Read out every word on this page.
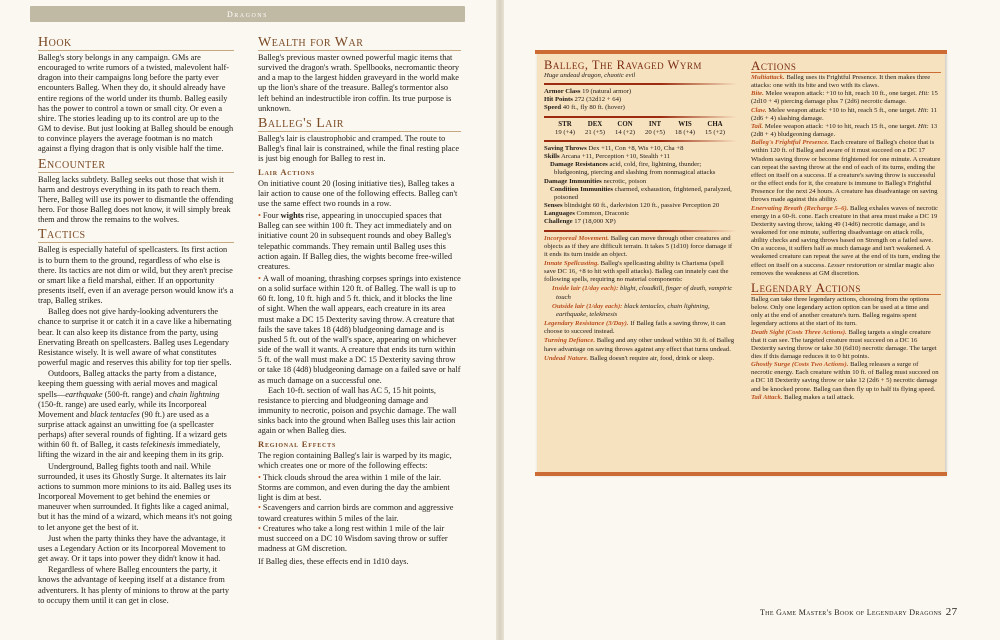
Dragons
Hook

Balleg's story belongs in any campaign. GMs are encouraged to write rumors of a twisted, malevolent half-dragon into their campaigns long before the party ever encounters Balleg. When they do, it should already have entire regions of the world under its thumb. Balleg easily has the power to control a town or small city. Or even a shire. The stories leading up to its control are up to the GM to devise. But just looking at Balleg should be enough to convince players the average footman is no match against a flying dragon that is only visible half the time.

Encounter

Balleg lacks subtlety. Balleg seeks out those that wish it harm and destroys everything in its path to reach them. There, Balleg will use its power to dismantle the offending hero. For those Balleg does not know, it will simply break them and throw the remains to the wolves.

Tactics

Balleg is especially hateful of spellcasters. Its first action is to burn them to the ground, regardless of who else is there. Its tactics are not dim or wild, but they aren't precise or smart like a field marshal, either. If an opportunity presents itself, even if an average person would know it's a trap, Balleg strikes.

Balleg does not give hardy-looking adventurers the chance to surprise it or catch it in a cave like a hibernating bear. It can also keep its distance from the party, using Enervating Breath on spellcasters. Balleg uses Legendary Resistance wisely. It is well aware of what constitutes powerful magic and reserves this ability for top tier spells.

Outdoors, Balleg attacks the party from a distance, keeping them guessing with aerial moves and magical spells—earthquake (500-ft. range) and chain lightning (150-ft. range) are used early, while its Incorporeal Movement and black tentacles (90 ft.) are used as a surprise attack against an unwitting foe (a spellcaster perhaps) after several rounds of fighting. If a wizard gets within 60 ft. of Balleg, it casts telekinesis immediately, lifting the wizard in the air and keeping them in its grip.

Underground, Balleg fights tooth and nail. While surrounded, it uses its Ghostly Surge. It alternates its lair actions to summon more minions to its aid. Balleg uses its Incorporeal Movement to get behind the enemies or maneuver when surrounded. It fights like a caged animal, but it has the mind of a wizard, which means it's not going to let anyone get the best of it.

Just when the party thinks they have the advantage, it uses a Legendary Action or its Incorporeal Movement to get away. Or it taps into power they didn't know it had.

Regardless of where Balleg encounters the party, it knows the advantage of keeping itself at a distance from adventurers. It has plenty of minions to throw at the party to occupy them until it can get in close.

Wealth for War

Balleg's previous master owned powerful magic items that survived the dragon's wrath. Spellbooks, necromantic theory and a map to the largest hidden graveyard in the world make up the lion's share of the treasure. Balleg's tormentor also left behind an indestructible iron coffin. Its true purpose is unknown.

Balleg's Lair

Balleg's lair is claustrophobic and cramped. The route to Balleg's final lair is constrained, while the final resting place is just big enough for Balleg to rest in.

Lair Actions

On initiative count 20 (losing initiative ties), Balleg takes a lair action to cause one of the following effects. Balleg can't use the same effect two rounds in a row.

• Four wights rise, appearing in unoccupied spaces that Balleg can see within 100 ft. They act immediately and on initiative count 20 in subsequent rounds and obey Balleg's telepathic commands. They remain until Balleg uses this action again. If Balleg dies, the wights become free-willed creatures.

• A wall of moaning, thrashing corpses springs into existence on a solid surface within 120 ft. of Balleg. The wall is up to 60 ft. long, 10 ft. high and 5 ft. thick, and it blocks the line of sight. When the wall appears, each creature in its area must make a DC 15 Dexterity saving throw. A creature that fails the save takes 18 (4d8) bludgeoning damage and is pushed 5 ft. out of the wall's space, appearing on whichever side of the wall it wants. A creature that ends its turn within 5 ft. of the wall must make a DC 15 Dexterity saving throw or take 18 (4d8) bludgeoning damage on a failed save or half as much damage on a successful one.

Each 10-ft. section of wall has AC 5, 15 hit points, resistance to piercing and bludgeoning damage and immunity to necrotic, poison and psychic damage. The wall sinks back into the ground when Balleg uses this lair action again or when Balleg dies.

Regional Effects

The region containing Balleg's lair is warped by its magic, which creates one or more of the following effects:

• Thick clouds shroud the area within 1 mile of the lair. Storms are common, and even during the day the ambient light is dim at best.

• Scavengers and carrion birds are common and aggressive toward creatures within 5 miles of the lair.

• Creatures who take a long rest within 1 mile of the lair must succeed on a DC 10 Wisdom saving throw or suffer madness at GM discretion.

If Balleg dies, these effects end in 1d10 days.

Balleg, The Ravaged Wyrm
Huge undead dragon, chaotic evil
Armor Class 19 (natural armor)
Hit Points 272 (32d12 + 64)
Speed 40 ft., fly 80 ft. (hover)
STR
19 (+4)
DEX
21 (+5)
CON
14 (+2)
INT
20 (+5)
WIS
18 (+4)
CHA
15 (+2)
Saving Throws Dex +11, Con +8, Wis +10, Cha +8
Skills Arcana +11, Perception +10, Stealth +11
Damage Resistances acid, cold, fire, lightning, thunder; bludgeoning, piercing and slashing from nonmagical attacks
Damage Immunities necrotic, poison
Condition Immunities charmed, exhaustion, frightened, paralyzed, poisoned
Senses blindsight 60 ft., darkvision 120 ft., passive Perception 20
Languages Common, Draconic
Challenge 17 (18,000 XP)
Incorporeal Movement. Balleg can move through other creatures and objects as if they are difficult terrain. It takes 5 (1d10) force damage if it ends its turn inside an object.
Innate Spellcasting. Balleg's spellcasting ability is Charisma (spell save DC 16, +8 to hit with spell attacks). Balleg can innately cast the following spells, requiring no material components:
Inside lair (1/day each): blight, cloudkill, finger of death, vampiric touch
Outside lair (1/day each): black tentacles, chain lightning, earthquake, telekinesis
Legendary Resistance (3/Day). If Balleg fails a saving throw, it can choose to succeed instead.
Turning Defiance. Balleg and any other undead within 30 ft. of Balleg have advantage on saving throws against any effect that turns undead.
Undead Nature. Balleg doesn't require air, food, drink or sleep.
Actions

Multiattack. Balleg uses its Frightful Presence. It then makes three attacks: one with its bite and two with its claws.

Bite. Melee weapon attack: +10 to hit, reach 10 ft., one target. Hit: 15 (2d10 + 4) piercing damage plus 7 (2d6) necrotic damage.

Claw. Melee weapon attack: +10 to hit, reach 5 ft., one target. Hit: 11 (2d6 + 4) slashing damage.

Tail. Melee weapon attack: +10 to hit, reach 15 ft., one target. Hit: 13 (2d8 + 4) bludgeoning damage.

Balleg's Frightful Presence. Each creature of Balleg's choice that is within 120 ft. of Balleg and aware of it must succeed on a DC 17 Wisdom saving throw or become frightened for one minute. A creature can repeat the saving throw at the end of each of its turns, ending the effect on itself on a success. If a creature's saving throw is successful or the effect ends for it, the creature is immune to Balleg's Frightful Presence for the next 24 hours. A creature has disadvantage on saving throws made against this ability.

Enervating Breath (Recharge 5–6). Balleg exhales waves of necrotic energy in a 60-ft. cone. Each creature in that area must make a DC 19 Dexterity saving throw, taking 49 (14d6) necrotic damage, and is weakened for one minute, suffering disadvantage on attack rolls, ability checks and saving throws based on Strength on a failed save. On a success, it suffers half as much damage and isn't weakened. A weakened creature can repeat the save at the end of its turn, ending the effect on itself on a success. Lesser restoration or similar magic also removes the weakness at GM discretion.

Legendary Actions

Balleg can take three legendary actions, choosing from the options below. Only one legendary action option can be used at a time and only at the end of another creature's turn. Balleg regains spent legendary actions at the start of its turn.

Death Sight (Costs Three Actions). Balleg targets a single creature that it can see. The targeted creature must succeed on a DC 16 Dexterity saving throw or take 30 (6d10) necrotic damage. The target dies if this damage reduces it to 0 hit points.

Ghostly Surge (Costs Two Actions). Balleg releases a surge of necrotic energy. Each creature within 10 ft. of Balleg must succeed on a DC 18 Dexterity saving throw or take 12 (2d6 + 5) necrotic damage and be knocked prone. Balleg can then fly up to half its flying speed.

Tail Attack. Balleg makes a tail attack.

The Game Master's Book of Legendary Dragons 27
